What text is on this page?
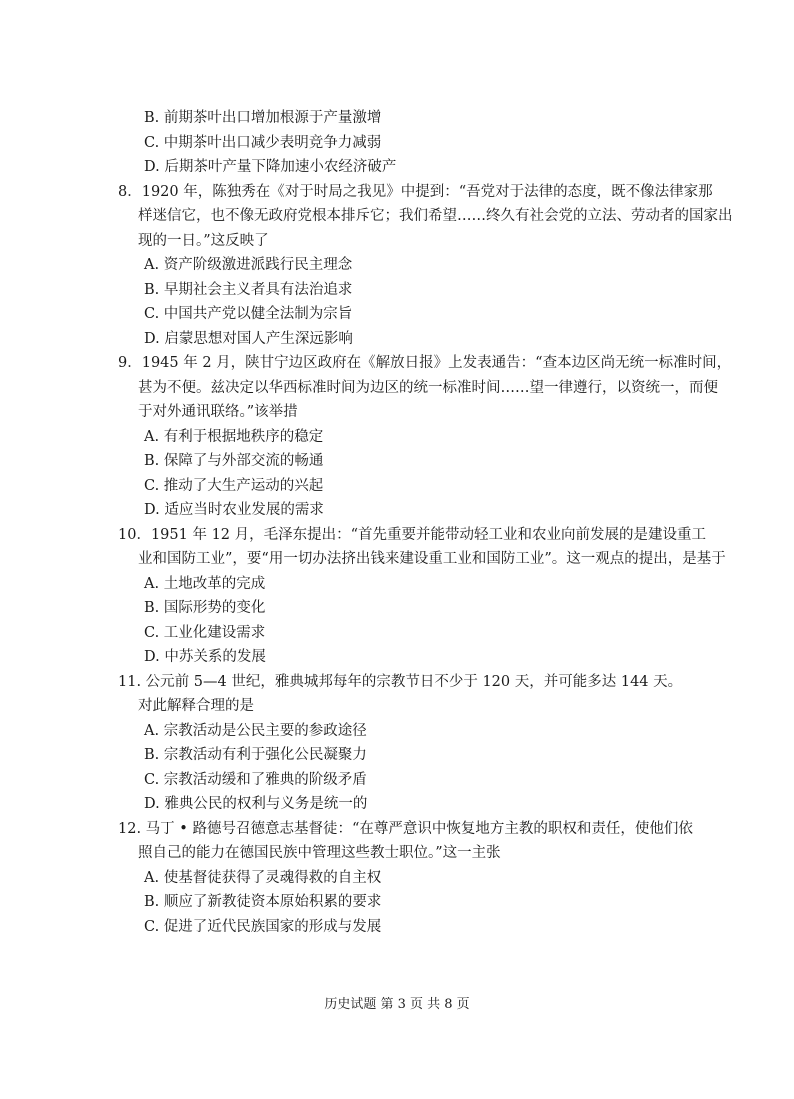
B. 前期茶叶出口增加根源于产量激增
C. 中期茶叶出口减少表明竞争力减弱
D. 后期茶叶产量下降加速小农经济破产
8．1920 年，陈独秀在《对于时局之我见》中提到：“吾党对于法律的态度，既不像法律家那
样迷信它，也不像无政府党根本排斥它；我们希望……终久有社会党的立法、劳动者的国家出
现的一日。”这反映了
A. 资产阶级激进派践行民主理念
B. 早期社会主义者具有法治追求
C. 中国共产党以健全法制为宗旨
D. 启蒙思想对国人产生深远影响
9．1945 年 2 月，陕甘宁边区政府在《解放日报》上发表通告：“查本边区尚无统一标准时间，
甚为不便。兹决定以华西标准时间为边区的统一标准时间……望一律遵行，以资统一，而便
于对外通讯联络。”该举措
A. 有利于根据地秩序的稳定
B. 保障了与外部交流的畅通
C. 推动了大生产运动的兴起
D. 适应当时农业发展的需求
10．1951 年 12 月，毛泽东提出：“首先重要并能带动轻工业和农业向前发展的是建设重工
业和国防工业”，要“用一切办法挤出钱来建设重工业和国防工业”。这一观点的提出，是基于
A. 土地改革的完成
B. 国际形势的变化
C. 工业化建设需求
D. 中苏关系的发展
11. 公元前 5—4 世纪，雅典城邦每年的宗教节日不少于 120 天，并可能多达 144 天。
对此解释合理的是
A. 宗教活动是公民主要的参政途径
B. 宗教活动有利于强化公民凝聚力
C. 宗教活动缓和了雅典的阶级矛盾
D. 雅典公民的权利与义务是统一的
12. 马丁 • 路德号召德意志基督徒：“在尊严意识中恢复地方主教的职权和责任，使他们依
照自己的能力在德国民族中管理这些教士职位。”这一主张
A. 使基督徒获得了灵魂得救的自主权
B. 顺应了新教徒资本原始积累的要求
C. 促进了近代民族国家的形成与发展
历史试题 第 3 页 共 8 页
